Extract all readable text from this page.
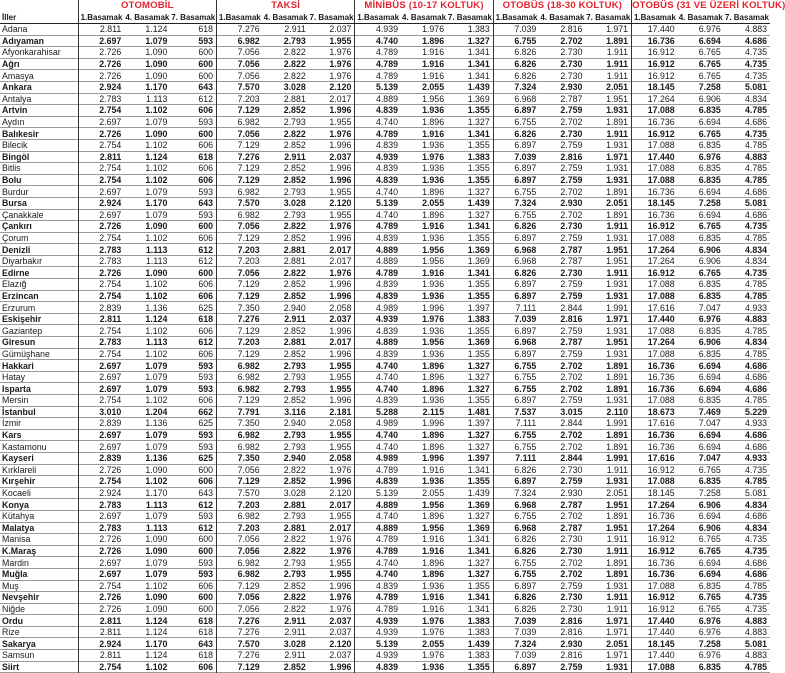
	OTOMOBİL			TAKSİ			MİNİBÜS (10-17 KOLTUK)			OTOBÜS (18-30 KOLTUK)			OTOBÜS (31 VE ÜZERİ KOLTUK)		
İller	1.Basamak	4. Basamak	7. Basamak	1.Basamak	4. Basamak	7. Basamak	1.Basamak	4. Basamak	7. Basamak	1.Basamak	4. Basamak	7. Basamak	1.Basamak	4. Basamak	7. Basamak
Adana	2.811	1.124	618	7.276	2.911	2.037	4.939	1.976	1.383	7.039	2.816	1.971	17.440	6.976	4.883
Adıyaman	2.697	1.079	593	6.982	2.793	1.955	4.740	1.896	1.327	6.755	2.702	1.891	16.736	6.694	4.686
Afyonkarahisar	2.726	1.090	600	7.056	2.822	1.976	4.789	1.916	1.341	6.826	2.730	1.911	16.912	6.765	4.735
Ağrı	2.726	1.090	600	7.056	2.822	1.976	4.789	1.916	1.341	6.826	2.730	1.911	16.912	6.765	4.735
Amasya	2.726	1.090	600	7.056	2.822	1.976	4.789	1.916	1.341	6.826	2.730	1.911	16.912	6.765	4.735
Ankara	2.924	1.170	643	7.570	3.028	2.120	5.139	2.055	1.439	7.324	2.930	2.051	18.145	7.258	5.081
Antalya	2.783	1.113	612	7.203	2.881	2.017	4.889	1.956	1.369	6.968	2.787	1.951	17.264	6.906	4.834
Artvin	2.754	1.102	606	7.129	2.852	1.996	4.839	1.936	1.355	6.897	2.759	1.931	17.088	6.835	4.785
Aydın	2.697	1.079	593	6.982	2.793	1.955	4.740	1.896	1.327	6.755	2.702	1.891	16.736	6.694	4.686
Balıkesir	2.726	1.090	600	7.056	2.822	1.976	4.789	1.916	1.341	6.826	2.730	1.911	16.912	6.765	4.735
Bilecik	2.754	1.102	606	7.129	2.852	1.996	4.839	1.936	1.355	6.897	2.759	1.931	17.088	6.835	4.785
Bingöl	2.811	1.124	618	7.276	2.911	2.037	4.939	1.976	1.383	7.039	2.816	1.971	17.440	6.976	4.883
Bitlis	2.754	1.102	606	7.129	2.852	1.996	4.839	1.936	1.355	6.897	2.759	1.931	17.088	6.835	4.785
Bolu	2.754	1.102	606	7.129	2.852	1.996	4.839	1.936	1.355	6.897	2.759	1.931	17.088	6.835	4.785
Burdur	2.697	1.079	593	6.982	2.793	1.955	4.740	1.896	1.327	6.755	2.702	1.891	16.736	6.694	4.686
Bursa	2.924	1.170	643	7.570	3.028	2.120	5.139	2.055	1.439	7.324	2.930	2.051	18.145	7.258	5.081
Çanakkale	2.697	1.079	593	6.982	2.793	1.955	4.740	1.896	1.327	6.755	2.702	1.891	16.736	6.694	4.686
Çankırı	2.726	1.090	600	7.056	2.822	1.976	4.789	1.916	1.341	6.826	2.730	1.911	16.912	6.765	4.735
Çorum	2.754	1.102	606	7.129	2.852	1.996	4.839	1.936	1.355	6.897	2.759	1.931	17.088	6.835	4.785
Denizli	2.783	1.113	612	7.203	2.881	2.017	4.889	1.956	1.369	6.968	2.787	1.951	17.264	6.906	4.834
Diyarbakır	2.783	1.113	612	7.203	2.881	2.017	4.889	1.956	1.369	6.968	2.787	1.951	17.264	6.906	4.834
Edirne	2.726	1.090	600	7.056	2.822	1.976	4.789	1.916	1.341	6.826	2.730	1.911	16.912	6.765	4.735
Elazığ	2.754	1.102	606	7.129	2.852	1.996	4.839	1.936	1.355	6.897	2.759	1.931	17.088	6.835	4.785
Erzincan	2.754	1.102	606	7.129	2.852	1.996	4.839	1.936	1.355	6.897	2.759	1.931	17.088	6.835	4.785
Erzurum	2.839	1.136	625	7.350	2.940	2.058	4.989	1.996	1.397	7.111	2.844	1.991	17.616	7.047	4.933
Eskişehir	2.811	1.124	618	7.276	2.911	2.037	4.939	1.976	1.383	7.039	2.816	1.971	17.440	6.976	4.883
Gaziantep	2.754	1.102	606	7.129	2.852	1.996	4.839	1.936	1.355	6.897	2.759	1.931	17.088	6.835	4.785
Giresun	2.783	1.113	612	7.203	2.881	2.017	4.889	1.956	1.369	6.968	2.787	1.951	17.264	6.906	4.834
Gümüşhane	2.754	1.102	606	7.129	2.852	1.996	4.839	1.936	1.355	6.897	2.759	1.931	17.088	6.835	4.785
Hakkari	2.697	1.079	593	6.982	2.793	1.955	4.740	1.896	1.327	6.755	2.702	1.891	16.736	6.694	4.686
Hatay	2.697	1.079	593	6.982	2.793	1.955	4.740	1.896	1.327	6.755	2.702	1.891	16.736	6.694	4.686
Isparta	2.697	1.079	593	6.982	2.793	1.955	4.740	1.896	1.327	6.755	2.702	1.891	16.736	6.694	4.686
Mersin	2.754	1.102	606	7.129	2.852	1.996	4.839	1.936	1.355	6.897	2.759	1.931	17.088	6.835	4.785
İstanbul	3.010	1.204	662	7.791	3.116	2.181	5.288	2.115	1.481	7.537	3.015	2.110	18.673	7.469	5.229
İzmir	2.839	1.136	625	7.350	2.940	2.058	4.989	1.996	1.397	7.111	2.844	1.991	17.616	7.047	4.933
Kars	2.697	1.079	593	6.982	2.793	1.955	4.740	1.896	1.327	6.755	2.702	1.891	16.736	6.694	4.686
Kastamonu	2.697	1.079	593	6.982	2.793	1.955	4.740	1.896	1.327	6.755	2.702	1.891	16.736	6.694	4.686
Kayseri	2.839	1.136	625	7.350	2.940	2.058	4.989	1.996	1.397	7.111	2.844	1.991	17.616	7.047	4.933
Kırklareli	2.726	1.090	600	7.056	2.822	1.976	4.789	1.916	1.341	6.826	2.730	1.911	16.912	6.765	4.735
Kırşehir	2.754	1.102	606	7.129	2.852	1.996	4.839	1.936	1.355	6.897	2.759	1.931	17.088	6.835	4.785
Kocaeli	2.924	1.170	643	7.570	3.028	2.120	5.139	2.055	1.439	7.324	2.930	2.051	18.145	7.258	5.081
Konya	2.783	1.113	612	7.203	2.881	2.017	4.889	1.956	1.369	6.968	2.787	1.951	17.264	6.906	4.834
Kütahya	2.697	1.079	593	6.982	2.793	1.955	4.740	1.896	1.327	6.755	2.702	1.891	16.736	6.694	4.686
Malatya	2.783	1.113	612	7.203	2.881	2.017	4.889	1.956	1.369	6.968	2.787	1.951	17.264	6.906	4.834
Manisa	2.726	1.090	600	7.056	2.822	1.976	4.789	1.916	1.341	6.826	2.730	1.911	16.912	6.765	4.735
K.Maraş	2.726	1.090	600	7.056	2.822	1.976	4.789	1.916	1.341	6.826	2.730	1.911	16.912	6.765	4.735
Mardin	2.697	1.079	593	6.982	2.793	1.955	4.740	1.896	1.327	6.755	2.702	1.891	16.736	6.694	4.686
Muğla	2.697	1.079	593	6.982	2.793	1.955	4.740	1.896	1.327	6.755	2.702	1.891	16.736	6.694	4.686
Muş	2.754	1.102	606	7.129	2.852	1.996	4.839	1.936	1.355	6.897	2.759	1.931	17.088	6.835	4.785
Nevşehir	2.726	1.090	600	7.056	2.822	1.976	4.789	1.916	1.341	6.826	2.730	1.911	16.912	6.765	4.735
Niğde	2.726	1.090	600	7.056	2.822	1.976	4.789	1.916	1.341	6.826	2.730	1.911	16.912	6.765	4.735
Ordu	2.811	1.124	618	7.276	2.911	2.037	4.939	1.976	1.383	7.039	2.816	1.971	17.440	6.976	4.883
Rize	2.811	1.124	618	7.276	2.911	2.037	4.939	1.976	1.383	7.039	2.816	1.971	17.440	6.976	4.883
Sakarya	2.924	1.170	643	7.570	3.028	2.120	5.139	2.055	1.439	7.324	2.930	2.051	18.145	7.258	5.081
Samsun	2.811	1.124	618	7.276	2.911	2.037	4.939	1.976	1.383	7.039	2.816	1.971	17.440	6.976	4.883
Siirt	2.754	1.102	606	7.129	2.852	1.996	4.839	1.936	1.355	6.897	2.759	1.931	17.088	6.835	4.785
